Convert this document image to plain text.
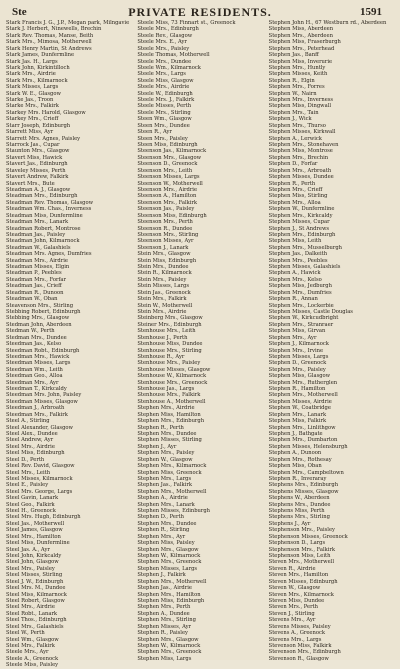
Ste	PRIVATE RESIDENTS.	1591
Stark Francis J. G., J.P., Megan park, Milngavie
Stark J. Herbert, Ninewells, Brechin
Stark Rev. Thomas, Manse, Beith
Stark Mrs., Mimosa, Motherwell
Stark Henry Martin, St Andrews
Stark James, Dunfermline
Stark Jas. H., Largs
Stark John, Kirkintilloch
Stark Mrs., Airdrie
Stark Mrs., Kilmarnock
Stark Misses, Largs
Stark W. E., Glasgow
Starke Jas., Troon
Starke Mrs., Falkirk
Starkey Mrs. Harold, Glasgow
Starkey Mrs., Crieff
Starr Joseph, Edinburgh
Starrett Miss, Ayr
Starrett Mrs. Agnes, Paisley
Starrock Jas., Cupar
Staunton Mrs., Glasgow
Stavert Miss, Hawick
Stavert Jas., Edinburgh
Staveley Misses, Perth
Stavert Andrew, Falkirk
Stavert Mrs., Bute
Steadman A. J., Glasgow
Steadman Mrs., Edinburgh
Steadman Rev. Thomas, Glasgow
Steadman Wm. Chas., Inverness
Steadman Miss, Dunfermline
Steadman Mrs., Lanark
Steadman Robert, Montrose
Steadman Jas., Paisley
Steadman John, Kilmarnock
Steadman W., Galashiels
Steadman Mrs. Agnes, Dumfries
Steadman Mrs., Airdrie
Steadman Misses, Elgin
Steadman P., Peebles
Steadman Mrs., Forfar
Steadman Jas., Crieff
Steadman R., Dunoon
Steadman W., Oban
Steavenson Mrs., Stirling
Stebbing Robert, Edinburgh
Stebbing Mrs., Glasgow
Stedman John, Aberdeen
Stedman W., Perth
Stedman Mrs., Dundee
Steedman Jas., Kelso
Steedman Robt., Edinburgh
Steedman Mrs., Hawick
Steedman Misses, Largs
Steedman Wm., Leith
Steedman Geo., Alloa
Steedman Mrs., Ayr
Steedman T., Kirkcaldy
Steedman Mrs. John, Paisley
Steedman Misses, Glasgow
Steedman J., Arbroath
Steedman Mrs., Falkirk
Steel A., Stirling
Steel Alexander, Glasgow
Steel Alex., Dundee
Steel Andrew, Ayr
Steel Mrs., Airdrie
Steel Miss, Edinburgh
Steel D., Perth
Steel Rev. David, Glasgow
Steel Mrs., Leith
Steel Misses, Kilmarnock
Steel E., Paisley
Steel Mrs. George, Largs
Steel Gavin, Lanark
Steel Geo., Falkirk
Steel H., Greenock
Steel Mrs. Hugh, Edinburgh
Steel Jas., Motherwell
Steel James, Glasgow
Steel Mrs., Hamilton
Steel Miss, Dunfermline
Steel Jas. A., Ayr
Steel John, Kirkcaldy
Steel John, Glasgow
Steel Mrs., Paisley
Steel Misses, Stirling
Steel J. W., Edinburgh
Steel Mrs. M., Dundee
Steel Miss, Kilmarnock
Steel Robert, Glasgow
Steel Mrs., Airdrie
Steel Robt., Lanark
Steel Thos., Edinburgh
Steel Mrs., Galashiels
Steel W., Perth
Steel Wm., Glasgow
Steel Mrs., Falkirk
Steele Mrs., Ayr
Steele A., Greenock
Steele Miss, Paisley
Steele Miss, 73 Finnart st., Greenock
Steele Mrs., Edinburgh
Steele Rev., Glasgow
Steele Mrs. E., Ayr
Steele Mrs., Paisley
Steele Thomas, Motherwell
Steele Mrs., Dundee
Steele Wm., Kilmarnock
Steele Mrs., Largs
Steele Miss, Glasgow
Steele Mrs., Airdrie
Steele W., Edinburgh
Steele Mrs. J., Falkirk
Steele Misses, Perth
Steele Mrs., Stirling
Steen Wm., Glasgow
Steen Mrs., Dundee
Steen R., Ayr
Steen Mrs., Paisley
Steen Miss, Edinburgh
Steenson Jas., Kilmarnock
Steenson Mrs., Glasgow
Steenson D., Greenock
Steenson Mrs., Leith
Steenson Misses, Largs
Steenson W., Motherwell
Steenson Mrs., Airdrie
Steenson A., Hamilton
Steenson Mrs., Falkirk
Steenson Jas., Paisley
Steenson Miss, Edinburgh
Steenson Mrs., Perth
Steenson R., Dundee
Steenson Mrs., Stirling
Steenson Misses, Ayr
Steenson J., Lanark
Stein Mrs., Glasgow
Stein Miss, Edinburgh
Stein Mrs., Dundee
Stein R., Kilmarnock
Stein Mrs., Paisley
Stein Misses, Largs
Stein Jas., Greenock
Stein Mrs., Falkirk
Stein W., Motherwell
Stein Mrs., Airdrie
Steinberg Mrs., Glasgow
Steiner Mrs., Edinburgh
Stenhouse Mrs., Leith
Stenhouse J., Perth
Stenhouse Miss, Dundee
Stenhouse Mrs., Stirling
Stenhouse R., Ayr
Stenhouse Mrs., Paisley
Stenhouse Misses, Glasgow
Stenhouse W., Kilmarnock
Stenhouse Mrs., Greenock
Stenhouse Jas., Largs
Stenhouse Mrs., Falkirk
Stenhouse A., Motherwell
Stephen Mrs., Airdrie
Stephen Miss, Hamilton
Stephen Mrs., Edinburgh
Stephen R., Perth
Stephen Mrs., Dundee
Stephen Misses, Stirling
Stephen J., Ayr
Stephen Mrs., Paisley
Stephen W., Glasgow
Stephen Mrs., Kilmarnock
Stephen Miss, Greenock
Stephen Mrs., Largs
Stephen Jas., Falkirk
Stephen Mrs., Motherwell
Stephen A., Airdrie
Stephen Mrs., Lanark
Stephen Misses, Edinburgh
Stephen D., Perth
Stephen Mrs., Dundee
Stephen R., Stirling
Stephen Mrs., Ayr
Stephen Miss, Paisley
Stephen Mrs., Glasgow
Stephen W., Kilmarnock
Stephen Mrs., Greenock
Stephen Misses, Largs
Stephen J., Falkirk
Stephen Mrs., Motherwell
Stephen Jas., Airdrie
Stephen Mrs., Hamilton
Stephen Miss, Edinburgh
Stephen Mrs., Perth
Stephen A., Dundee
Stephen Mrs., Stirling
Stephen Misses, Ayr
Stephen R., Paisley
Stephen Mrs., Glasgow
Stephen W., Kilmarnock
Stephen Mrs., Greenock
Stephen Miss, Largs
Stephen John H., 67 Westburn rd., Aberdeen
Stephen Miss, Aberdeen
Stephen Mrs., Aberdeen
Stephen Miss, Fraserburgh
Stephen Mrs., Peterhead
Stephen Jas., Banff
Stephen Miss, Inverurie
Stephen Mrs., Huntly
Stephen Misses, Keith
Stephen R., Elgin
Stephen Mrs., Forres
Stephen W., Nairn
Stephen Mrs., Inverness
Stephen Miss, Dingwall
Stephen Mrs., Tain
Stephen J., Wick
Stephen Mrs., Thurso
Stephen Misses, Kirkwall
Stephen A., Lerwick
Stephen Mrs., Stonehaven
Stephen Miss, Montrose
Stephen Mrs., Brechin
Stephen D., Forfar
Stephen Mrs., Arbroath
Stephen Misses, Dundee
Stephen R., Perth
Stephen Mrs., Crieff
Stephen Miss, Stirling
Stephen Mrs., Alloa
Stephen W., Dunfermline
Stephen Mrs., Kirkcaldy
Stephen Misses, Cupar
Stephen J., St Andrews
Stephen Mrs., Edinburgh
Stephen Miss, Leith
Stephen Mrs., Musselburgh
Stephen Jas., Dalkeith
Stephen Mrs., Peebles
Stephen Misses, Galashiels
Stephen A., Hawick
Stephen Mrs., Kelso
Stephen Miss, Jedburgh
Stephen Mrs., Dumfries
Stephen R., Annan
Stephen Mrs., Lockerbie
Stephen Misses, Castle Douglas
Stephen W., Kirkcudbright
Stephen Mrs., Stranraer
Stephen Miss, Girvan
Stephen Mrs., Ayr
Stephen J., Kilmarnock
Stephen Mrs., Irvine
Stephen Misses, Largs
Stephen D., Greenock
Stephen Mrs., Paisley
Stephen Miss, Glasgow
Stephen Mrs., Rutherglen
Stephen R., Hamilton
Stephen Mrs., Motherwell
Stephen Misses, Airdrie
Stephen W., Coatbridge
Stephen Mrs., Lanark
Stephen Miss, Falkirk
Stephen Mrs., Linlithgow
Stephen J., Bathgate
Stephen Mrs., Dumbarton
Stephen Misses, Helensburgh
Stephen A., Dunoon
Stephen Mrs., Rothesay
Stephen Miss, Oban
Stephen Mrs., Campbeltown
Stephen R., Inveraray
Stephens Mrs., Edinburgh
Stephens Misses, Glasgow
Stephens W., Aberdeen
Stephens Mrs., Dundee
Stephens Miss, Perth
Stephens Mrs., Stirling
Stephens J., Ayr
Stephenson Mrs., Paisley
Stephenson Misses, Greenock
Stephenson D., Largs
Stephenson Mrs., Falkirk
Stephenson Miss, Leith
Steven Mrs., Motherwell
Steven R., Airdrie
Steven Mrs., Hamilton
Steven Misses, Edinburgh
Steven W., Glasgow
Steven Mrs., Kilmarnock
Steven Miss, Dundee
Steven Mrs., Perth
Steven J., Stirling
Stevens Mrs., Ayr
Stevens Misses, Paisley
Stevens A., Greenock
Stevens Mrs., Largs
Stevenson Miss, Falkirk
Stevenson Mrs., Edinburgh
Stevenson R., Glasgow
